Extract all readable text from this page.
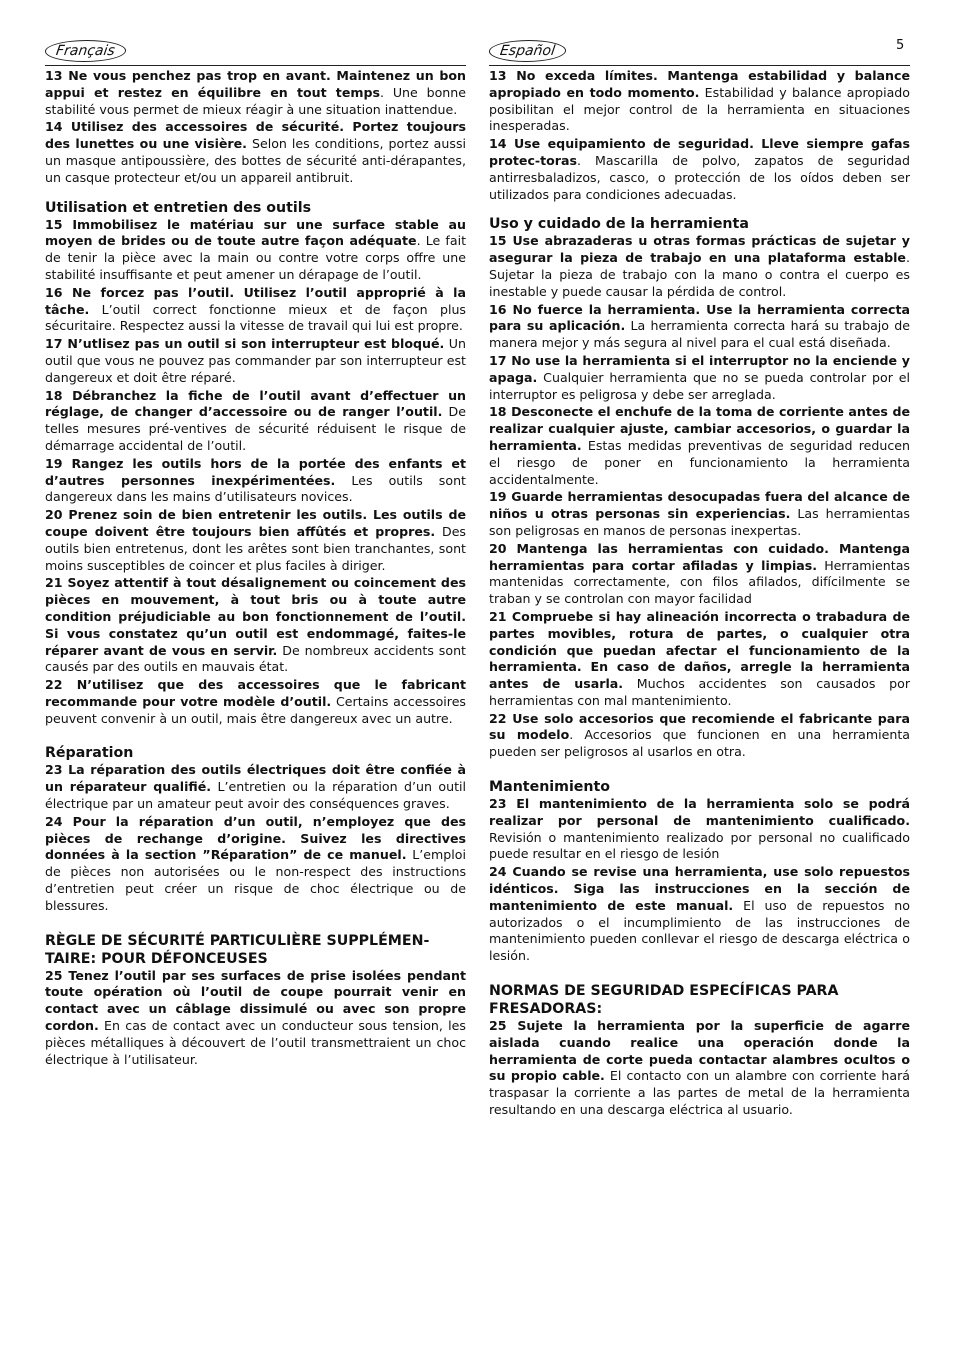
5
Français

13 Ne vous penchez pas trop en avant. Maintenez un bon appui et restez en équilibre en tout temps. Une bonne stabilité vous permet de mieux réagir à une situation inattendue.

14 Utilisez des accessoires de sécurité. Portez toujours des lunettes ou une visière. Selon les conditions, portez aussi un masque antipoussière, des bottes de sécurité anti-dérapantes, un casque protecteur et/ou un appareil antibruit.

Utilisation et entretien des outils

15 Immobilisez le matériau sur une surface stable au moyen de brides ou de toute autre façon adéquate. Le fait de tenir la pièce avec la main ou contre votre corps offre une stabilité insuffisante et peut amener un dérapage de l’outil.

16 Ne forcez pas l’outil. Utilisez l’outil approprié à la tâche. L’outil correct fonctionne mieux et de façon plus sécuritaire. Respectez aussi la vitesse de travail qui lui est propre.

17 N’utlisez pas un outil si son interrupteur est bloqué. Un outil que vous ne pouvez pas commander par son interrupteur est dangereux et doit être réparé.

18 Débranchez la fiche de l’outil avant d’effectuer un réglage, de changer d’accessoire ou de ranger l’outil. De telles mesures pré-ventives de sécurité réduisent le risque de démarrage accidental de l’outil.

19 Rangez les outils hors de la portée des enfants et d’autres personnes inexpérimentées. Les outils sont dangereux dans les mains d’utilisateurs novices.

20 Prenez soin de bien entretenir les outils. Les outils de coupe doivent être toujours bien affûtés et propres. Des outils bien entretenus, dont les arêtes sont bien tranchantes, sont moins susceptibles de coincer et plus faciles à diriger.

21 Soyez attentif à tout désalignement ou coincement des pièces en mouvement, à tout bris ou à toute autre condition préjudiciable au bon fonctionnement de l’outil. Si vous constatez qu’un outil est endommagé, faites-le réparer avant de vous en servir. De nombreux accidents sont causés par des outils en mauvais état.

22 N’utilisez que des accessoires que le fabricant recommande pour votre modèle d’outil. Certains accessoires peuvent convenir à un outil, mais être dangereux avec un autre.

Réparation

23 La réparation des outils électriques doit être confiée à un réparateur qualifié. L’entretien ou la réparation d’un outil électrique par un amateur peut avoir des conséquences graves.

24 Pour la réparation d’un outil, n’employez que des pièces de rechange d’origine. Suivez les directives données à la section ”Réparation” de ce manuel. L’emploi de pièces non autorisées ou le non-respect des instructions d’entretien peut créer un risque de choc électrique ou de blessures.

RÈGLE DE SÉCURITÉ PARTICULIÈRE SUPPLÉMEN-TAIRE: POUR DÉFONCEUSES

25 Tenez l’outil par ses surfaces de prise isolées pendant toute opération où l’outil de coupe pourrait venir en contact avec un câblage dissimulé ou avec son propre cordon. En cas de contact avec un conducteur sous tension, les pièces métalliques à découvert de l’outil transmettraient un choc électrique à l’utilisateur.

Español

13 No exceda límites. Mantenga estabilidad y balance apropiado en todo momento. Estabilidad y balance apropiado posibilitan el mejor control de la herramienta en situaciones inesperadas.

14 Use equipamiento de seguridad. Lleve siempre gafas protec-toras. Mascarilla de polvo, zapatos de seguridad antirresbaladizos, casco, o protección de los oídos deben ser utilizados para condiciones adecuadas.

Uso y cuidado de la herramienta

15 Use abrazaderas u otras formas prácticas de sujetar y asegurar la pieza de trabajo en una plataforma estable. Sujetar la pieza de trabajo con la mano o contra el cuerpo es inestable y puede causar la pérdida de control.

16 No fuerce la herramienta. Use la herramienta correcta para su aplicación. La herramienta correcta hará su trabajo de manera mejor y más segura al nivel para el cual está diseñada.

17 No use la herramienta si el interruptor no la enciende y apaga. Cualquier herramienta que no se pueda controlar por el interruptor es peligrosa y debe ser arreglada.

18 Desconecte el enchufe de la toma de corriente antes de realizar cualquier ajuste, cambiar accesorios, o guardar la herramienta. Estas medidas preventivas de seguridad reducen el riesgo de poner en funcionamiento la herramienta accidentalmente.

19 Guarde herramientas desocupadas fuera del alcance de niños u otras personas sin experiencias. Las herramientas son peligrosas en manos de personas inexpertas.

20 Mantenga las herramientas con cuidado. Mantenga herramientas para cortar afiladas y limpias. Herramientas mantenidas correctamente, con filos afilados, difícilmente se traban y se controlan con mayor facilidad

21 Compruebe si hay alineación incorrecta o trabadura de partes movibles, rotura de partes, o cualquier otra condición que puedan afectar el funcionamiento de la herramienta. En caso de daños, arregle la herramienta antes de usarla. Muchos accidentes son causados por herramientas con mal mantenimiento.

22 Use solo accesorios que recomiende el fabricante para su modelo. Accesorios que funcionen en una herramienta pueden ser peligrosos al usarlos en otra.

Mantenimiento

23 El mantenimiento de la herramienta solo se podrá realizar por personal de mantenimiento cualificado. Revisión o mantenimiento realizado por personal no cualificado puede resultar en el riesgo de lesión

24 Cuando se revise una herramienta, use solo repuestos idénticos. Siga las instrucciones en la sección de mantenimiento de este manual. El uso de repuestos no autorizados o el incumplimiento de las instrucciones de mantenimiento pueden conllevar el riesgo de descarga eléctrica o lesión.

NORMAS DE SEGURIDAD ESPECÍFICAS PARA FRESADORAS:

25 Sujete la herramienta por la superficie de agarre aislada cuando realice una operación donde la herramienta de corte pueda contactar alambres ocultos o su propio cable. El contacto con un alambre con corriente hará traspasar la corriente a las partes de metal de la herramienta resultando en una descarga eléctrica al usuario.
